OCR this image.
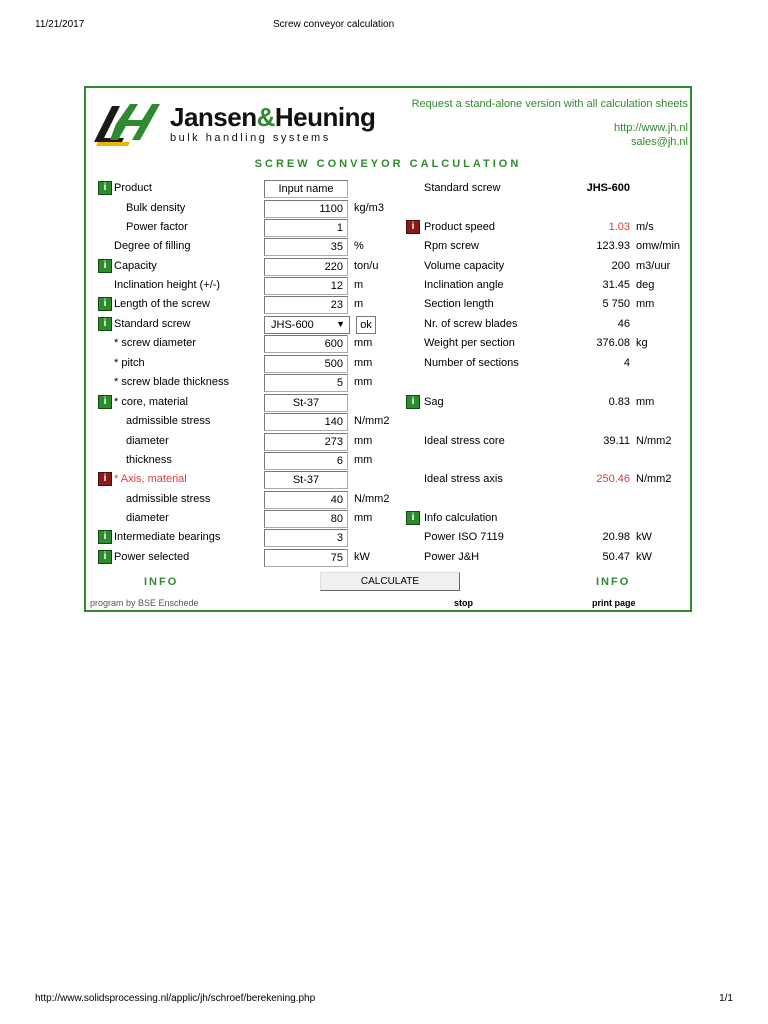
11/21/2017	Screw conveyor calculation
Jansen&Heuning
bulk handling systems
Request a stand-alone version with all calculation sheets
http://www.jh.nl
sales@jh.nl
SCREW CONVEYOR CALCULATION
i Product	Input name	Standard screw	JHS-600
Bulk density	1100	kg/m3
Power factor	1	i Product speed	1.03 m/s
Degree of filling	35	%	Rpm screw	123.93 omw/min
i Capacity	220	ton/u	Volume capacity	200 m3/uur
Inclination height (+/-)	12	m	Inclination angle	31.45 deg
i Length of the screw	23	m	Section length	5 750 mm
i Standard screw	JHS-600 ▼	ok	Nr. of screw blades	46
* screw diameter	600	mm	Weight per section	376.08 kg
* pitch	500	mm	Number of sections	4
* screw blade thickness	5	mm
i * core, material	St-37	i Sag	0.83 mm
admissible stress	140	N/mm2
diameter	273	mm	Ideal stress core	39.11 N/mm2
thickness	6	mm
i * Axis, material	St-37	Ideal stress axis	250.46 N/mm2
admissible stress	40	N/mm2
diameter	80	mm	i Info calculation
i Intermediate bearings	3	Power ISO 7119	20.98 kW
i Power selected	75	kW	Power J&H	50.47 kW
INFO	CALCULATE	INFO
program by BSE Enschede	stop	print page
http://www.solidsprocessing.nl/applic/jh/schroef/berekening.php	1/1
